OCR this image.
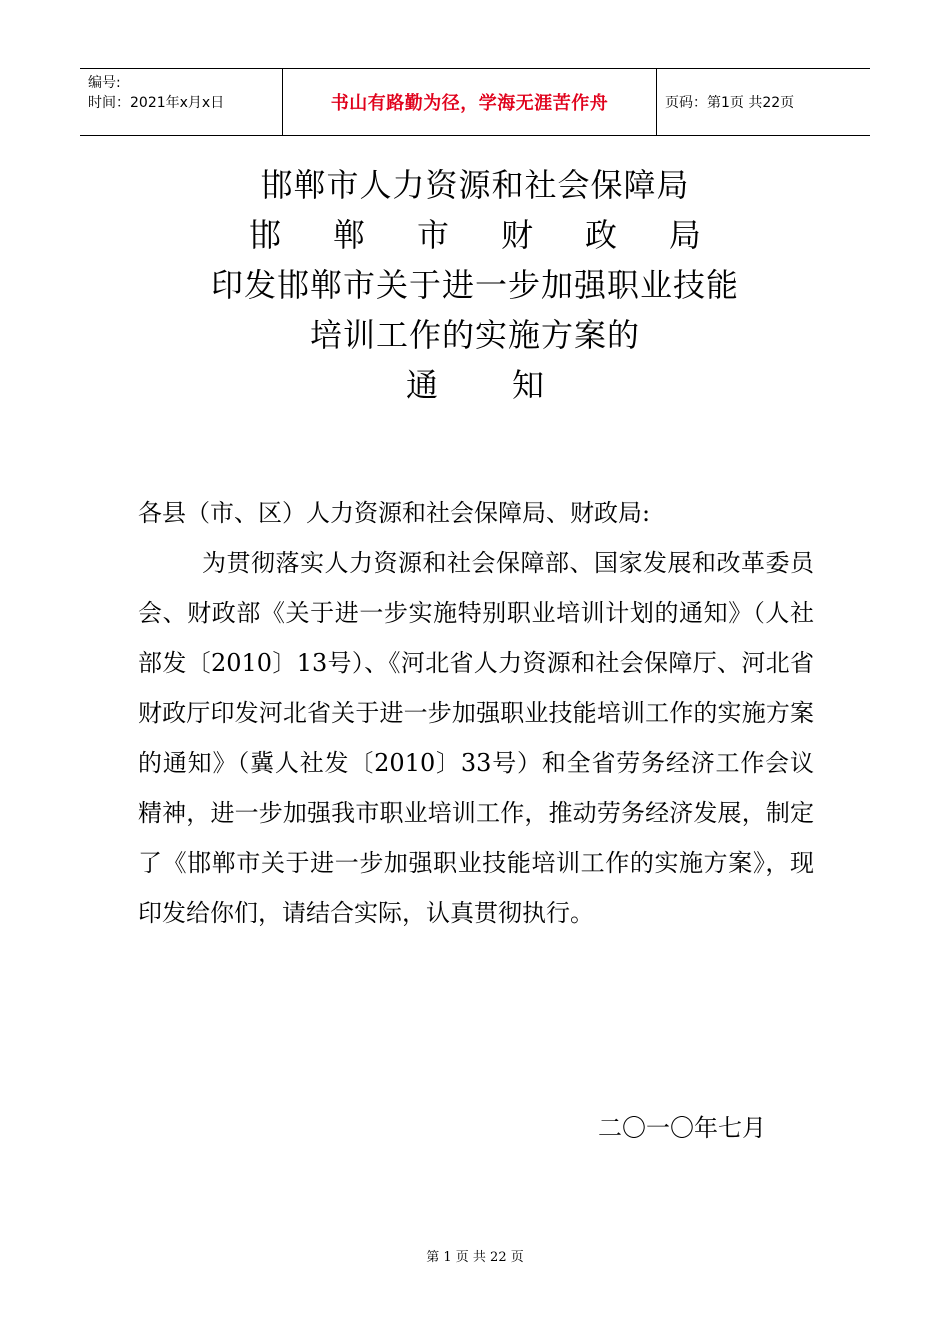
编号:
时间：2021年x月x日	书山有路勤为径，学海无涯苦作舟	页码：第1页 共22页
邯郸市人力资源和社会保障局
邯 郸 市 财 政 局
印发邯郸市关于进一步加强职业技能
培训工作的实施方案的
通 知

各县（市、区）人力资源和社会保障局、财政局:

为贯彻落实人力资源和社会保障部、国家发展和改革委员会、财政部《关于进一步实施特别职业培训计划的通知》（人社部发〔2010〕13号）、《河北省人力资源和社会保障厅、河北省财政厅印发河北省关于进一步加强职业技能培训工作的实施方案的通知》（冀人社发〔2010〕33号）和全省劳务经济工作会议精神，进一步加强我市职业培训工作，推动劳务经济发展，制定了《邯郸市关于进一步加强职业技能培训工作的实施方案》，现印发给你们，请结合实际，认真贯彻执行。

二〇一〇年七月
第 1 页 共 22 页
